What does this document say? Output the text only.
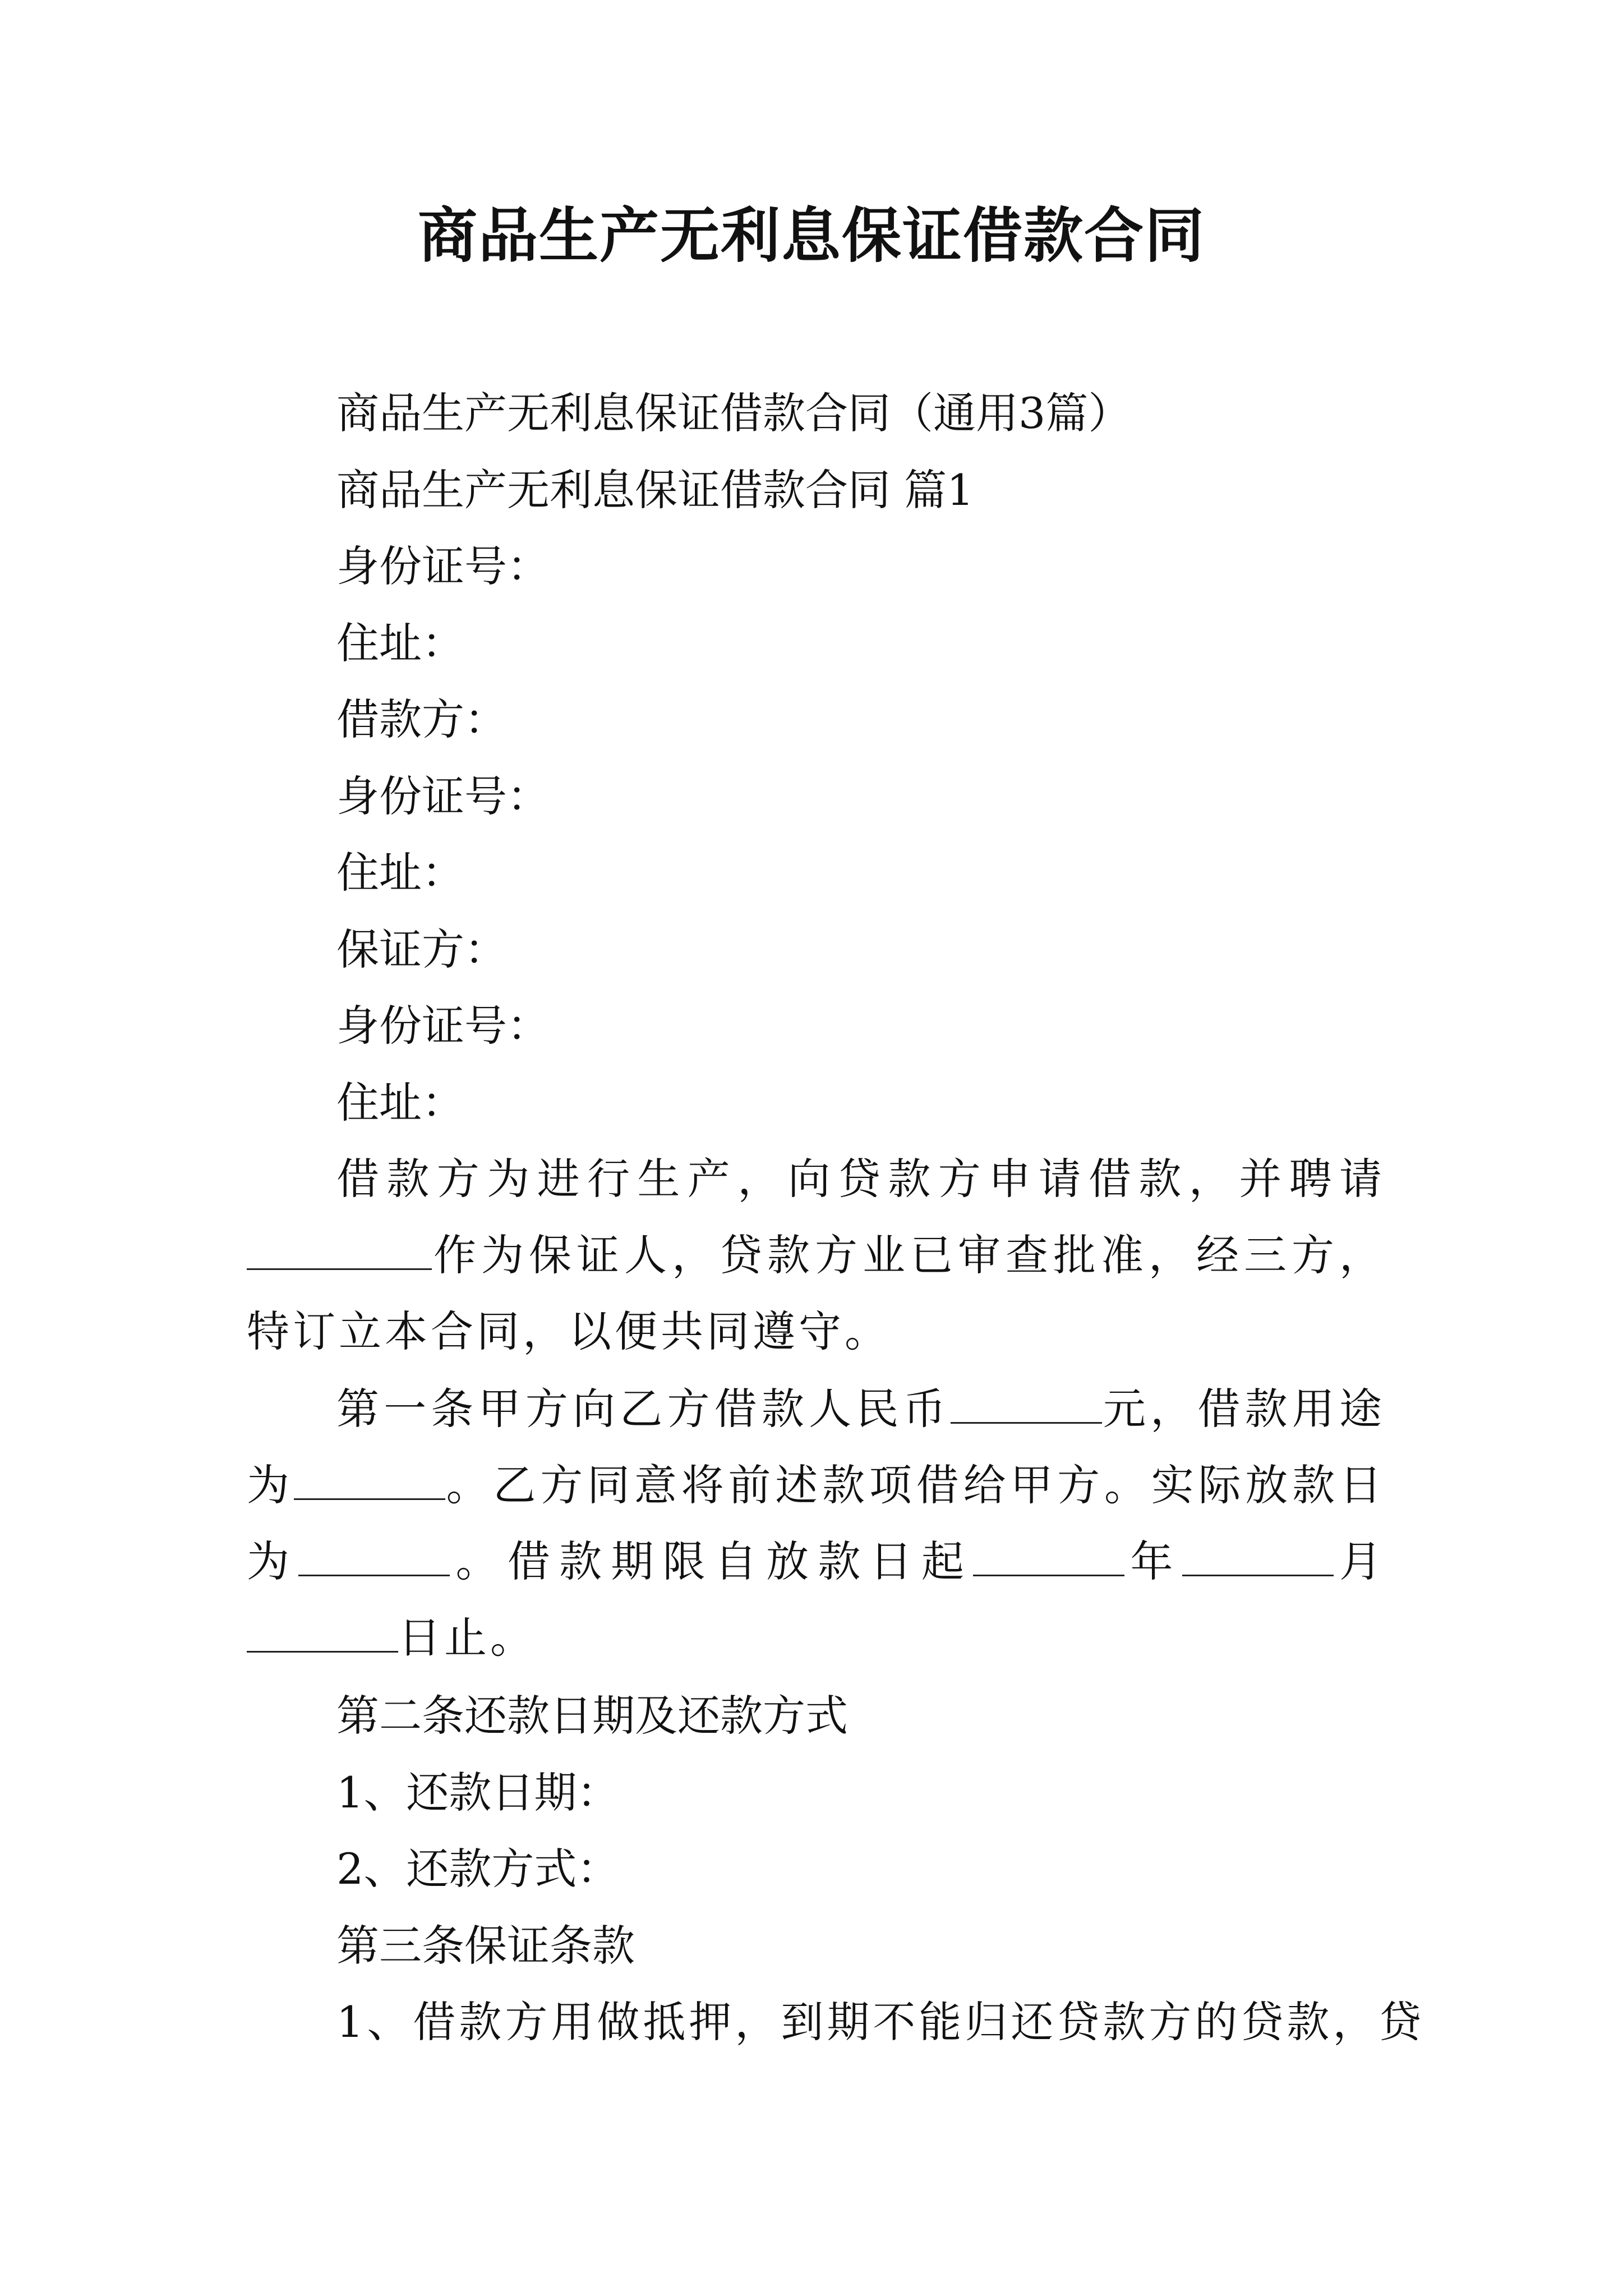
商品生产无利息保证借款合同
商品生产无利息保证借款合同（通用3篇）
商品生产无利息保证借款合同 篇1
身份证号：
住址：
借款方：
身份证号：
住址：
保证方：
身份证号：
住址：
借款方为进行生产，向贷款方申请借款，并聘请作为保证人，贷款方业已审查批准，经三方，特订立本合同，以便共同遵守。
第一条甲方向乙方借款人民币	元，借款用途为	。乙方同意将前述款项借给甲方。实际放款日为	。借款期限自放款日起	年	月日止。
第二条还款日期及还款方式
1、还款日期：
2、还款方式：
第三条保证条款
1、借款方用做抵押，到期不能归还贷款方的贷款，贷
